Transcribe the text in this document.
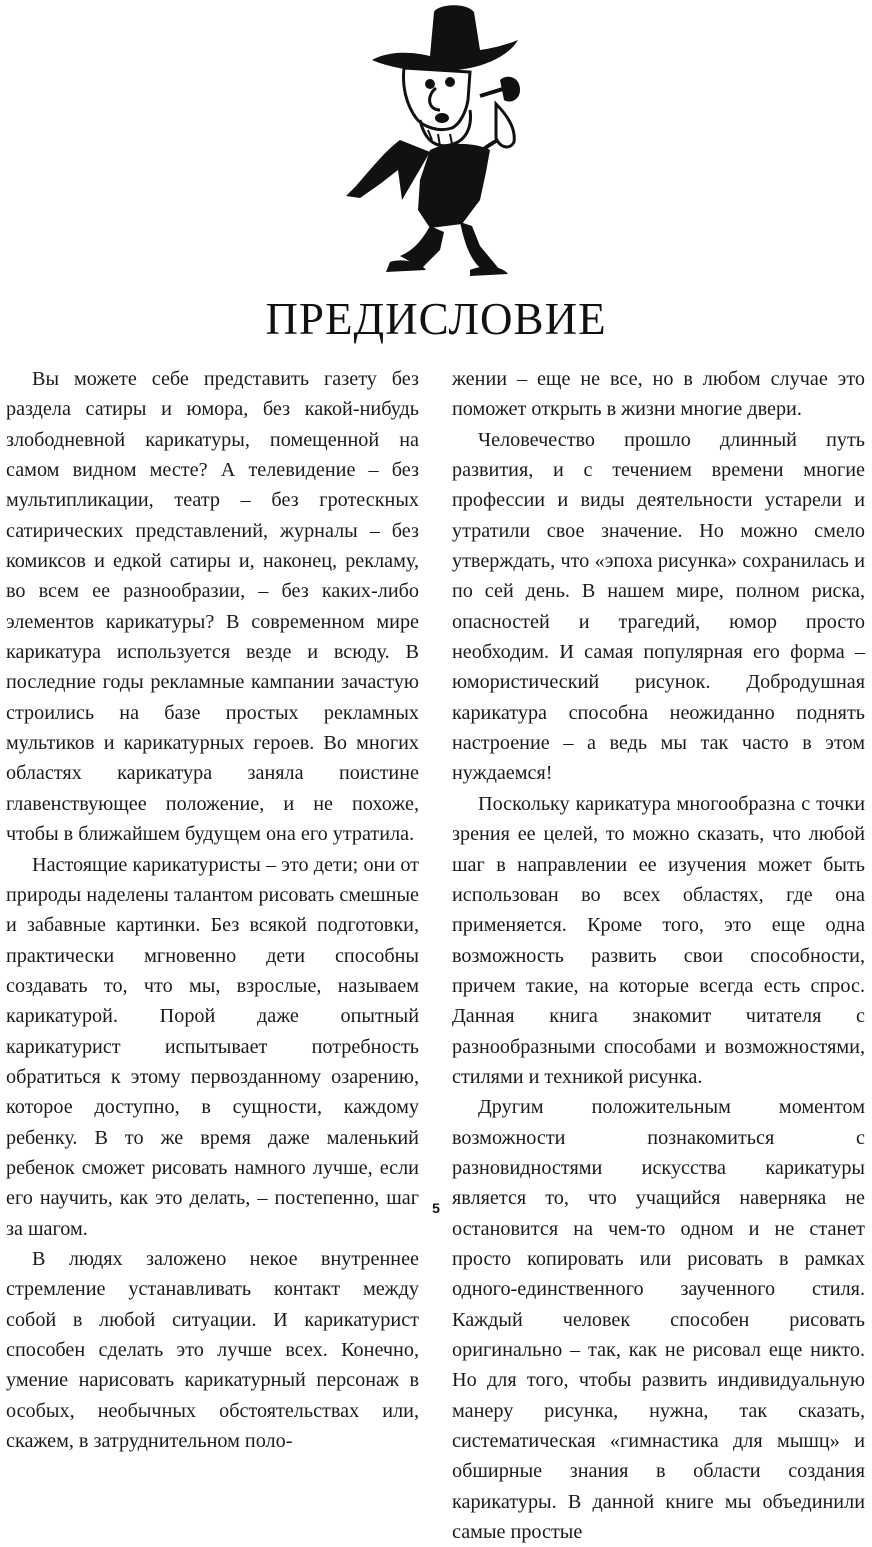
ПРЕДИСЛОВИЕ

Вы можете себе представить газету без раздела сатиры и юмора, без какой-нибудь злободневной карикатуры, помещенной на самом видном месте? А телевидение – без мультипликации, театр – без гротескных сатирических представлений, журналы – без комиксов и едкой сатиры и, наконец, рекламу, во всем ее разнообразии, – без каких-либо элементов карикатуры? В современном мире карикатура используется везде и всюду. В последние годы рекламные кампании зачастую строились на базе простых рекламных мультиков и карикатурных героев. Во многих областях карикатура заняла поистине главенствующее положение, и не похоже, чтобы в ближайшем будущем она его утратила.

Настоящие карикатуристы – это дети; они от природы наделены талантом рисовать смешные и забавные картинки. Без всякой подготовки, практически мгновенно дети способны создавать то, что мы, взрослые, называем карикатурой. Порой даже опытный карикатурист испытывает потребность обратиться к этому первозданному озарению, которое доступно, в сущности, каждому ребенку. В то же время даже маленький ребенок сможет рисовать намного лучше, если его научить, как это делать, – постепенно, шаг за шагом.

В людях заложено некое внутреннее стремление устанавливать контакт между собой в любой ситуации. И карикатурист способен сделать это лучше всех. Конечно, умение нарисовать карикатурный персонаж в особых, необычных обстоятельствах или, скажем, в затруднительном поло-

жении – еще не все, но в любом случае это поможет открыть в жизни многие двери.

Человечество прошло длинный путь развития, и с течением времени многие профессии и виды деятельности устарели и утратили свое значение. Но можно смело утверждать, что «эпоха рисунка» сохранилась и по сей день. В нашем мире, полном риска, опасностей и трагедий, юмор просто необходим. И самая популярная его форма – юмористический рисунок. Добродушная карикатура способна неожиданно поднять настроение – а ведь мы так часто в этом нуждаемся!

Поскольку карикатура многообразна с точки зрения ее целей, то можно сказать, что любой шаг в направлении ее изучения может быть использован во всех областях, где она применяется. Кроме того, это еще одна возможность развить свои способности, причем такие, на которые всегда есть спрос. Данная книга знакомит читателя с разнообразными способами и возможностями, стилями и техникой рисунка.

Другим положительным моментом возможности познакомиться с разновидностями искусства карикатуры является то, что учащийся наверняка не остановится на чем-то одном и не станет просто копировать или рисовать в рамках одного-единственного заученного стиля. Каждый человек способен рисовать оригинально – так, как не рисовал еще никто. Но для того, чтобы развить индивидуальную манеру рисунка, нужна, так сказать, систематическая «гимнастика для мышц» и обширные знания в области создания карикатуры. В данной книге мы объединили самые простые

5
